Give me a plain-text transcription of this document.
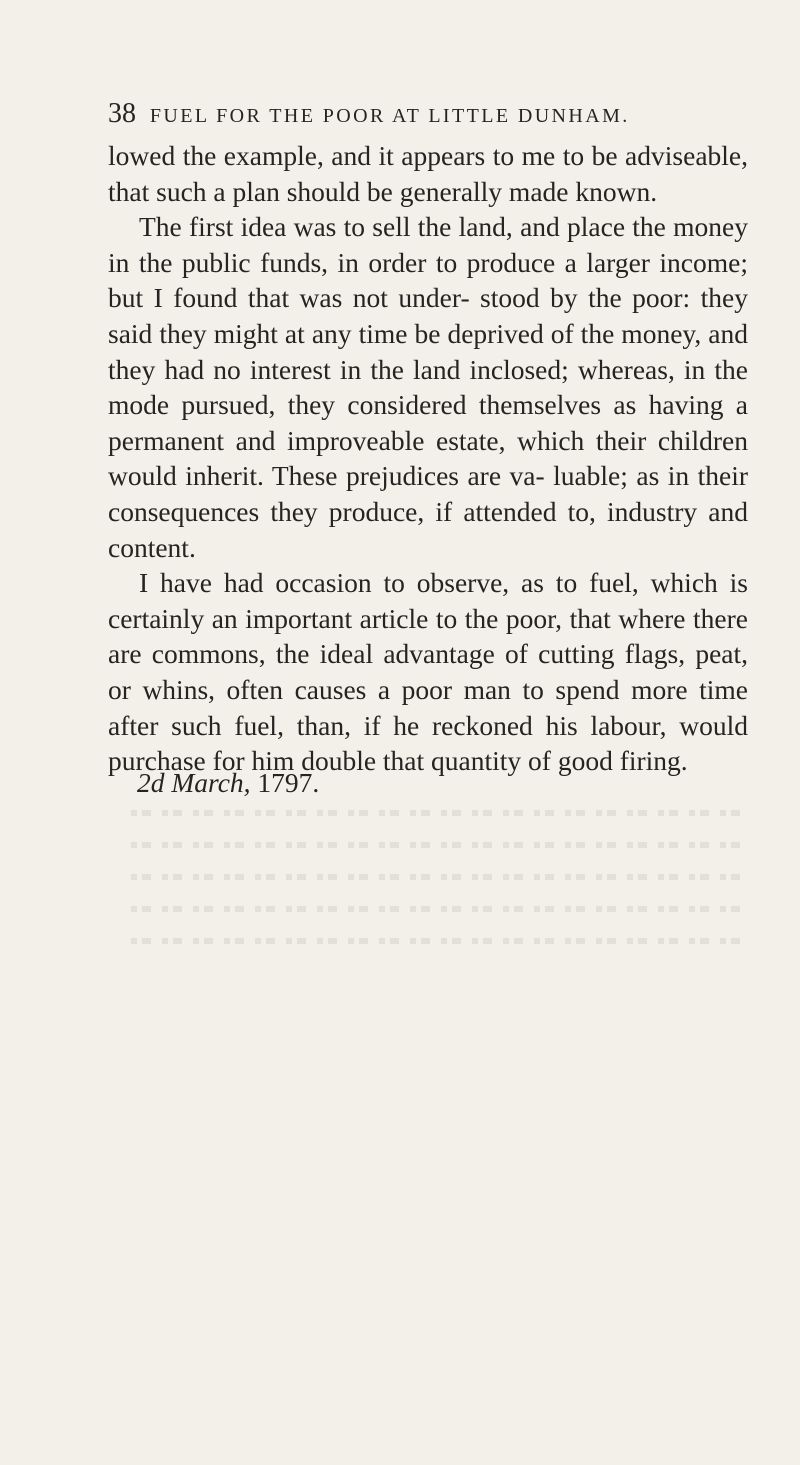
38 FUEL FOR THE POOR AT LITTLE DUNHAM.

lowed the example, and it appears to me to be adviseable, that such a plan should be generally made known.

The first idea was to sell the land, and place the money in the public funds, in order to produce a larger income; but I found that was not under- stood by the poor: they said they might at any time be deprived of the money, and they had no interest in the land inclosed; whereas, in the mode pursued, they considered themselves as having a permanent and improveable estate, which their children would inherit. These prejudices are va- luable; as in their consequences they produce, if attended to, industry and content.

I have had occasion to observe, as to fuel, which is certainly an important article to the poor, that where there are commons, the ideal advantage of cutting flags, peat, or whins, often causes a poor man to spend more time after such fuel, than, if he reckoned his labour, would purchase for him double that quantity of good firing.

2d March, 1797.
